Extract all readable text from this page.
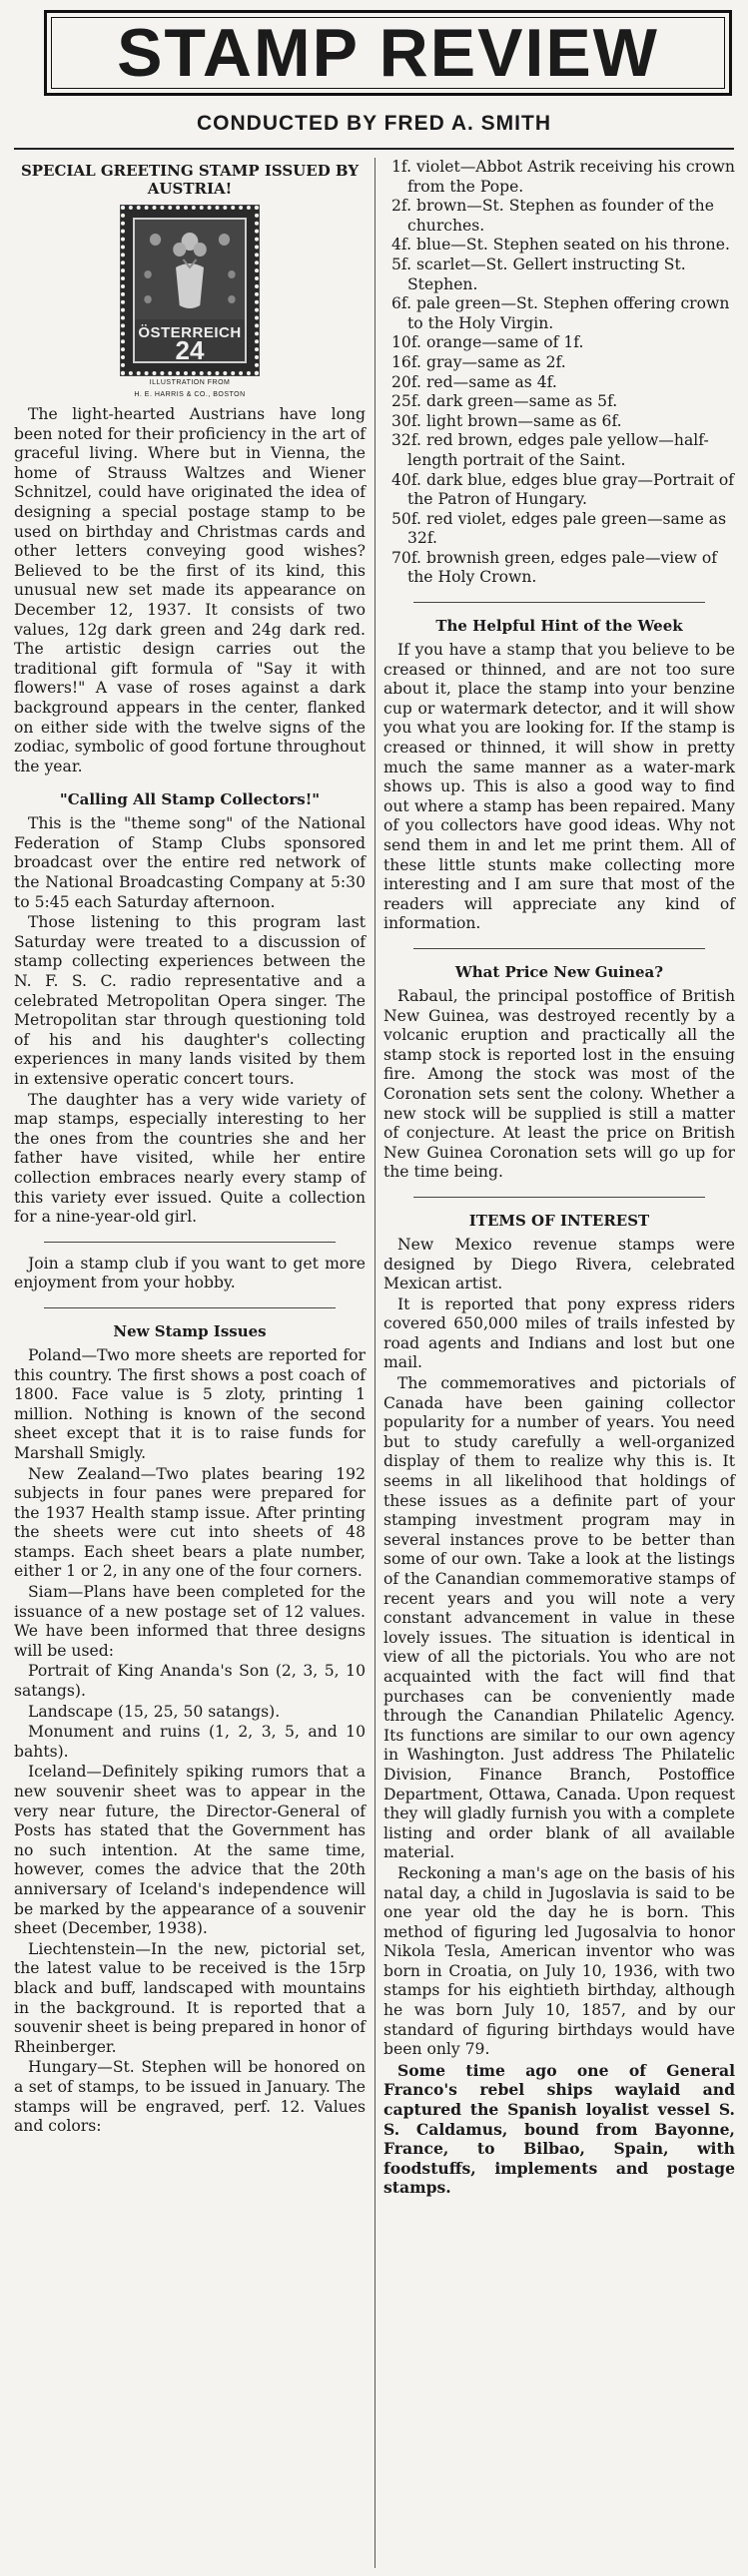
STAMP REVIEW
CONDUCTED BY FRED A. SMITH
SPECIAL GREETING STAMP ISSUED BY AUSTRIA!
ÖSTERREICH
24
ILLUSTRATION FROM
H. E. HARRIS & CO., BOSTON

The light-hearted Austrians have long been noted for their proficiency in the art of graceful living. Where but in Vienna, the home of Strauss Waltzes and Wiener Schnitzel, could have originated the idea of designing a special postage stamp to be used on birthday and Christmas cards and other letters conveying good wishes? Believed to be the first of its kind, this unusual new set made its appearance on December 12, 1937. It consists of two values, 12g dark green and 24g dark red. The artistic design carries out the traditional gift formula of "Say it with flowers!" A vase of roses against a dark background appears in the center, flanked on either side with the twelve signs of the zodiac, symbolic of good fortune throughout the year.

"Calling All Stamp Collectors!"

This is the "theme song" of the National Federation of Stamp Clubs sponsored broadcast over the entire red network of the National Broadcasting Company at 5:30 to 5:45 each Saturday afternoon.

Those listening to this program last Saturday were treated to a discussion of stamp collecting experiences between the N. F. S. C. radio representative and a celebrated Metropolitan Opera singer. The Metropolitan star through questioning told of his and his daughter's collecting experiences in many lands visited by them in extensive operatic concert tours.

The daughter has a very wide variety of map stamps, especially interesting to her the ones from the countries she and her father have visited, while her entire collection embraces nearly every stamp of this variety ever issued. Quite a collection for a nine-year-old girl.

Join a stamp club if you want to get more enjoyment from your hobby.

New Stamp Issues

Poland—Two more sheets are reported for this country. The first shows a post coach of 1800. Face value is 5 zloty, printing 1 million. Nothing is known of the second sheet except that it is to raise funds for Marshall Smigly.

New Zealand—Two plates bearing 192 subjects in four panes were prepared for the 1937 Health stamp issue. After printing the sheets were cut into sheets of 48 stamps. Each sheet bears a plate number, either 1 or 2, in any one of the four corners.

Siam—Plans have been completed for the issuance of a new postage set of 12 values. We have been informed that three designs will be used:

Portrait of King Ananda's Son (2, 3, 5, 10 satangs).

Landscape (15, 25, 50 satangs).

Monument and ruins (1, 2, 3, 5, and 10 bahts).

Iceland—Definitely spiking rumors that a new souvenir sheet was to appear in the very near future, the Director-General of Posts has stated that the Government has no such intention. At the same time, however, comes the advice that the 20th anniversary of Iceland's independence will be marked by the appearance of a souvenir sheet (December, 1938).

Liechtenstein—In the new, pictorial set, the latest value to be received is the 15rp black and buff, landscaped with mountains in the background. It is reported that a souvenir sheet is being prepared in honor of Rheinberger.

Hungary—St. Stephen will be honored on a set of stamps, to be issued in January. The stamps will be engraved, perf. 12. Values and colors:

1f. violet—Abbot Astrik receiving his crown from the Pope.

2f. brown—St. Stephen as founder of the churches.

4f. blue—St. Stephen seated on his throne.

5f. scarlet—St. Gellert instructing St. Stephen.

6f. pale green—St. Stephen offering crown to the Holy Virgin.

10f. orange—same of 1f.

16f. gray—same as 2f.

20f. red—same as 4f.

25f. dark green—same as 5f.

30f. light brown—same as 6f.

32f. red brown, edges pale yellow—half-length portrait of the Saint.

40f. dark blue, edges blue gray—Portrait of the Patron of Hungary.

50f. red violet, edges pale green—same as 32f.

70f. brownish green, edges pale—view of the Holy Crown.

The Helpful Hint of the Week

If you have a stamp that you believe to be creased or thinned, and are not too sure about it, place the stamp into your benzine cup or watermark detector, and it will show you what you are looking for. If the stamp is creased or thinned, it will show in pretty much the same manner as a water-mark shows up. This is also a good way to find out where a stamp has been repaired. Many of you collectors have good ideas. Why not send them in and let me print them. All of these little stunts make collecting more interesting and I am sure that most of the readers will appreciate any kind of information.

What Price New Guinea?

Rabaul, the principal postoffice of British New Guinea, was destroyed recently by a volcanic eruption and practically all the stamp stock is reported lost in the ensuing fire. Among the stock was most of the Coronation sets sent the colony. Whether a new stock will be supplied is still a matter of conjecture. At least the price on British New Guinea Coronation sets will go up for the time being.

ITEMS OF INTEREST

New Mexico revenue stamps were designed by Diego Rivera, celebrated Mexican artist.

It is reported that pony express riders covered 650,000 miles of trails infested by road agents and Indians and lost but one mail.

The commemoratives and pictorials of Canada have been gaining collector popularity for a number of years. You need but to study carefully a well-organized display of them to realize why this is. It seems in all likelihood that holdings of these issues as a definite part of your stamping investment program may in several instances prove to be better than some of our own. Take a look at the listings of the Canandian commemorative stamps of recent years and you will note a very constant advancement in value in these lovely issues. The situation is identical in view of all the pictorials. You who are not acquainted with the fact will find that purchases can be conveniently made through the Canandian Philatelic Agency. Its functions are similar to our own agency in Washington. Just address The Philatelic Division, Finance Branch, Postoffice Department, Ottawa, Canada. Upon request they will gladly furnish you with a complete listing and order blank of all available material.

Reckoning a man's age on the basis of his natal day, a child in Jugoslavia is said to be one year old the day he is born. This method of figuring led Jugosalvia to honor Nikola Tesla, American inventor who was born in Croatia, on July 10, 1936, with two stamps for his eightieth birthday, although he was born July 10, 1857, and by our standard of figuring birthdays would have been only 79.

Some time ago one of General Franco's rebel ships waylaid and captured the Spanish loyalist vessel S. S. Caldamus, bound from Bayonne, France, to Bilbao, Spain, with foodstuffs, implements and postage stamps.
